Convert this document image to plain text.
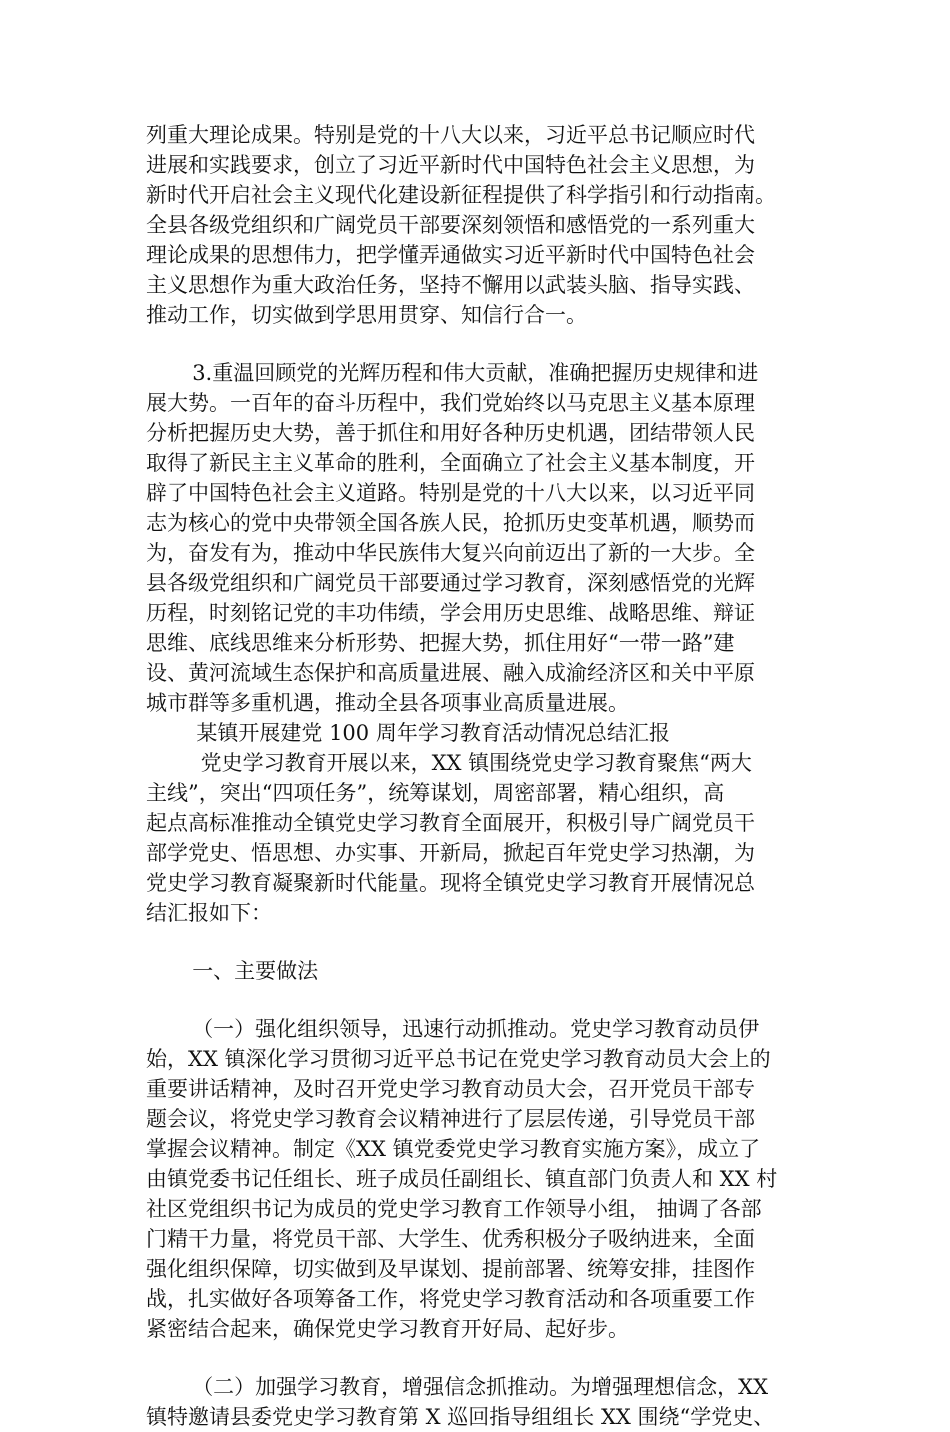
列重大理论成果。特别是党的十八大以来，习近平总书记顺应时代
进展和实践要求，创立了习近平新时代中国特色社会主义思想，为
新时代开启社会主义现代化建设新征程提供了科学指引和行动指南。
全县各级党组织和广阔党员干部要深刻领悟和感悟党的一系列重大
理论成果的思想伟力，把学懂弄通做实习近平新时代中国特色社会
主义思想作为重大政治任务，坚持不懈用以武装头脑、指导实践、
推动工作，切实做到学思用贯穿、知信行合一。

3.重温回顾党的光辉历程和伟大贡献，准确把握历史规律和进
展大势。一百年的奋斗历程中，我们党始终以马克思主义基本原理
分析把握历史大势，善于抓住和用好各种历史机遇，团结带领人民
取得了新民主主义革命的胜利，全面确立了社会主义基本制度，开
辟了中国特色社会主义道路。特别是党的十八大以来，以习近平同
志为核心的党中央带领全国各族人民，抢抓历史变革机遇，顺势而
为，奋发有为，推动中华民族伟大复兴向前迈出了新的一大步。全
县各级党组织和广阔党员干部要通过学习教育，深刻感悟党的光辉
历程，时刻铭记党的丰功伟绩，学会用历史思维、战略思维、辩证
思维、底线思维来分析形势、把握大势，抓住用好“一带一路”建
设、黄河流域生态保护和高质量进展、融入成渝经济区和关中平原
城市群等多重机遇，推动全县各项事业高质量进展。

某镇开展建党 100 周年学习教育活动情况总结汇报

党史学习教育开展以来，XX 镇围绕党史学习教育聚焦“两大
主线”，突出“四项任务”，统筹谋划，周密部署，精心组织，高
起点高标准推动全镇党史学习教育全面展开，积极引导广阔党员干
部学党史、悟思想、办实事、开新局，掀起百年党史学习热潮，为
党史学习教育凝聚新时代能量。现将全镇党史学习教育开展情况总
结汇报如下：

一、主要做法

（一）强化组织领导，迅速行动抓推动。党史学习教育动员伊
始，XX 镇深化学习贯彻习近平总书记在党史学习教育动员大会上的
重要讲话精神，及时召开党史学习教育动员大会，召开党员干部专
题会议，将党史学习教育会议精神进行了层层传递，引导党员干部
掌握会议精神。制定《XX 镇党委党史学习教育实施方案》，成立了
由镇党委书记任组长、班子成员任副组长、镇直部门负责人和 XX 村
社区党组织书记为成员的党史学习教育工作领导小组， 抽调了各部
门精干力量，将党员干部、大学生、优秀积极分子吸纳进来，全面
强化组织保障，切实做到及早谋划、提前部署、统筹安排，挂图作
战，扎实做好各项筹备工作，将党史学习教育活动和各项重要工作
紧密结合起来，确保党史学习教育开好局、起好步。

（二）加强学习教育，增强信念抓推动。为增强理想信念，XX
镇特邀请县委党史学习教育第 X 巡回指导组组长 XX 围绕“学党史、
